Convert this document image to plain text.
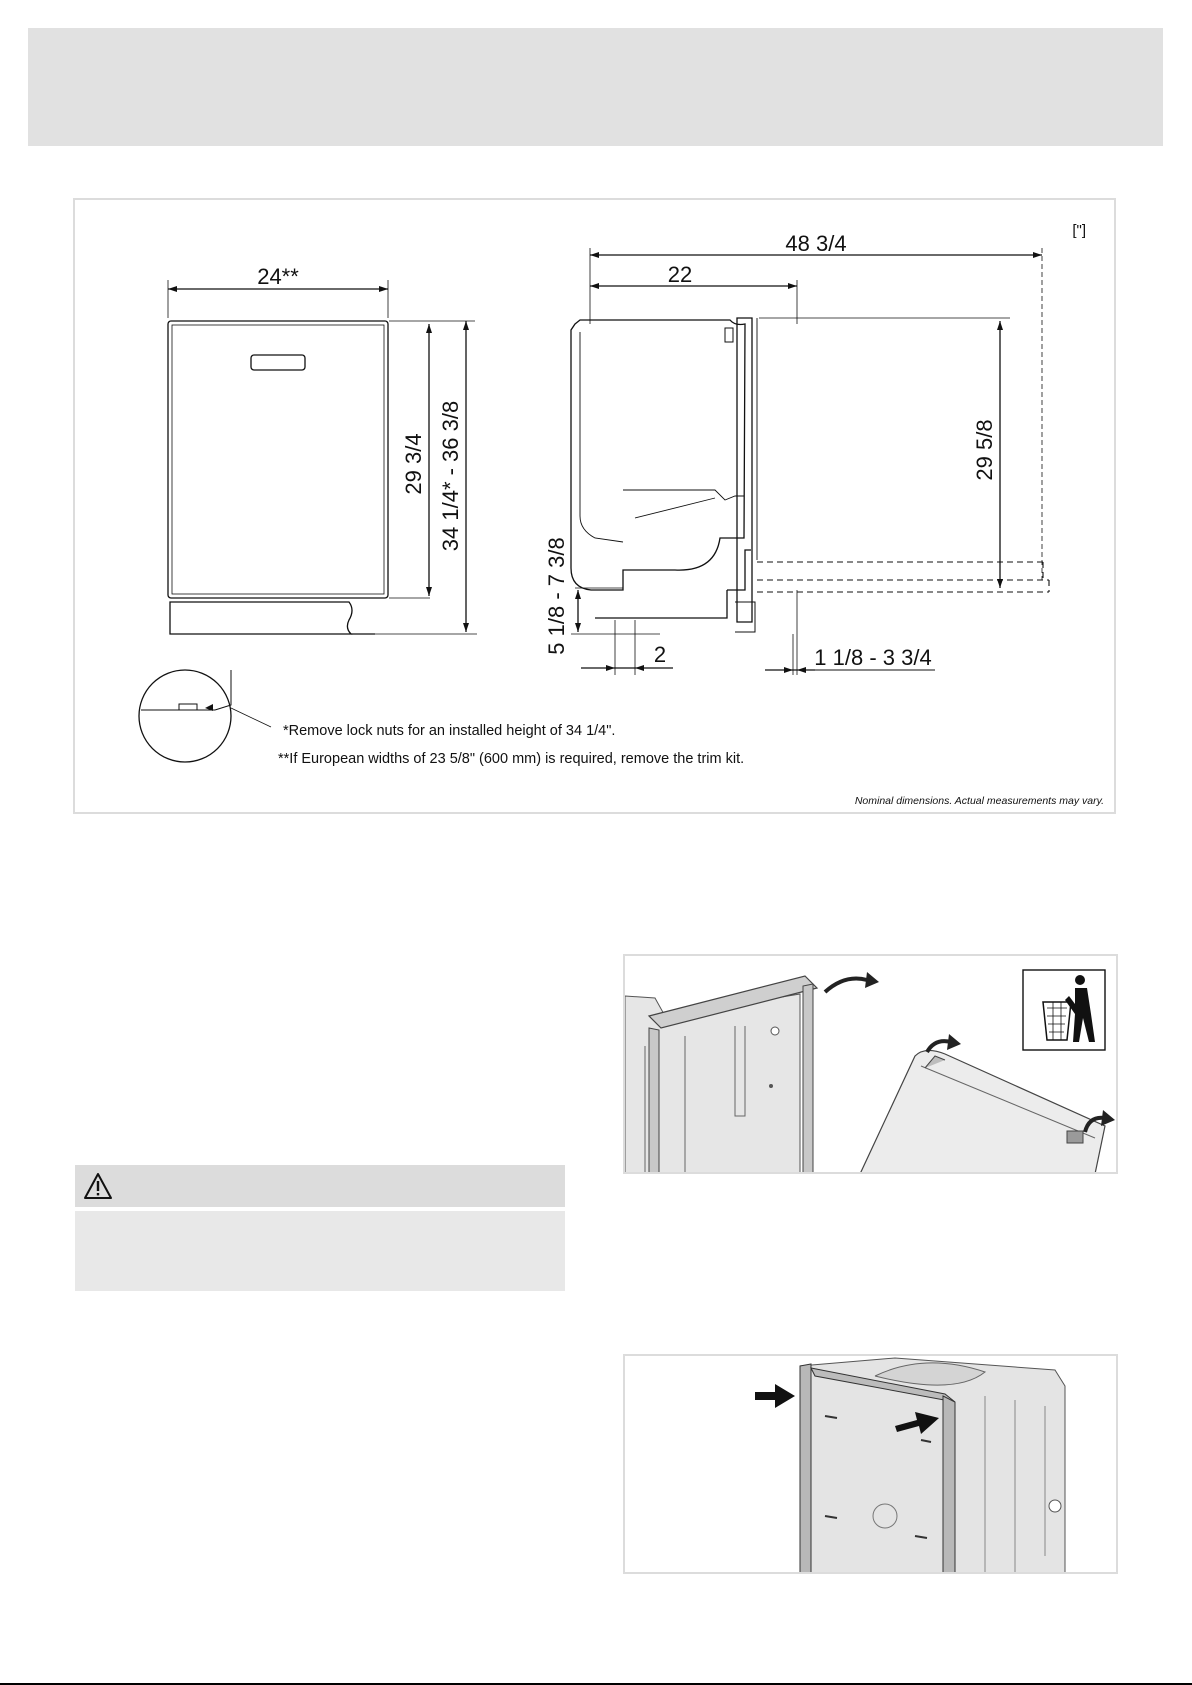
24**
29 3/4 34 1/4* - 36 3/8
48 3/4
22
29 5/8
5 1/8 - 7 3/8	2	1 1/8 - 3 3/4
["]
*Remove lock nuts for an installed height of 34 1/4".
**If European widths of 23 5/8" (600 mm) is required, remove the trim kit.
Nominal dimensions. Actual measurements may vary.
